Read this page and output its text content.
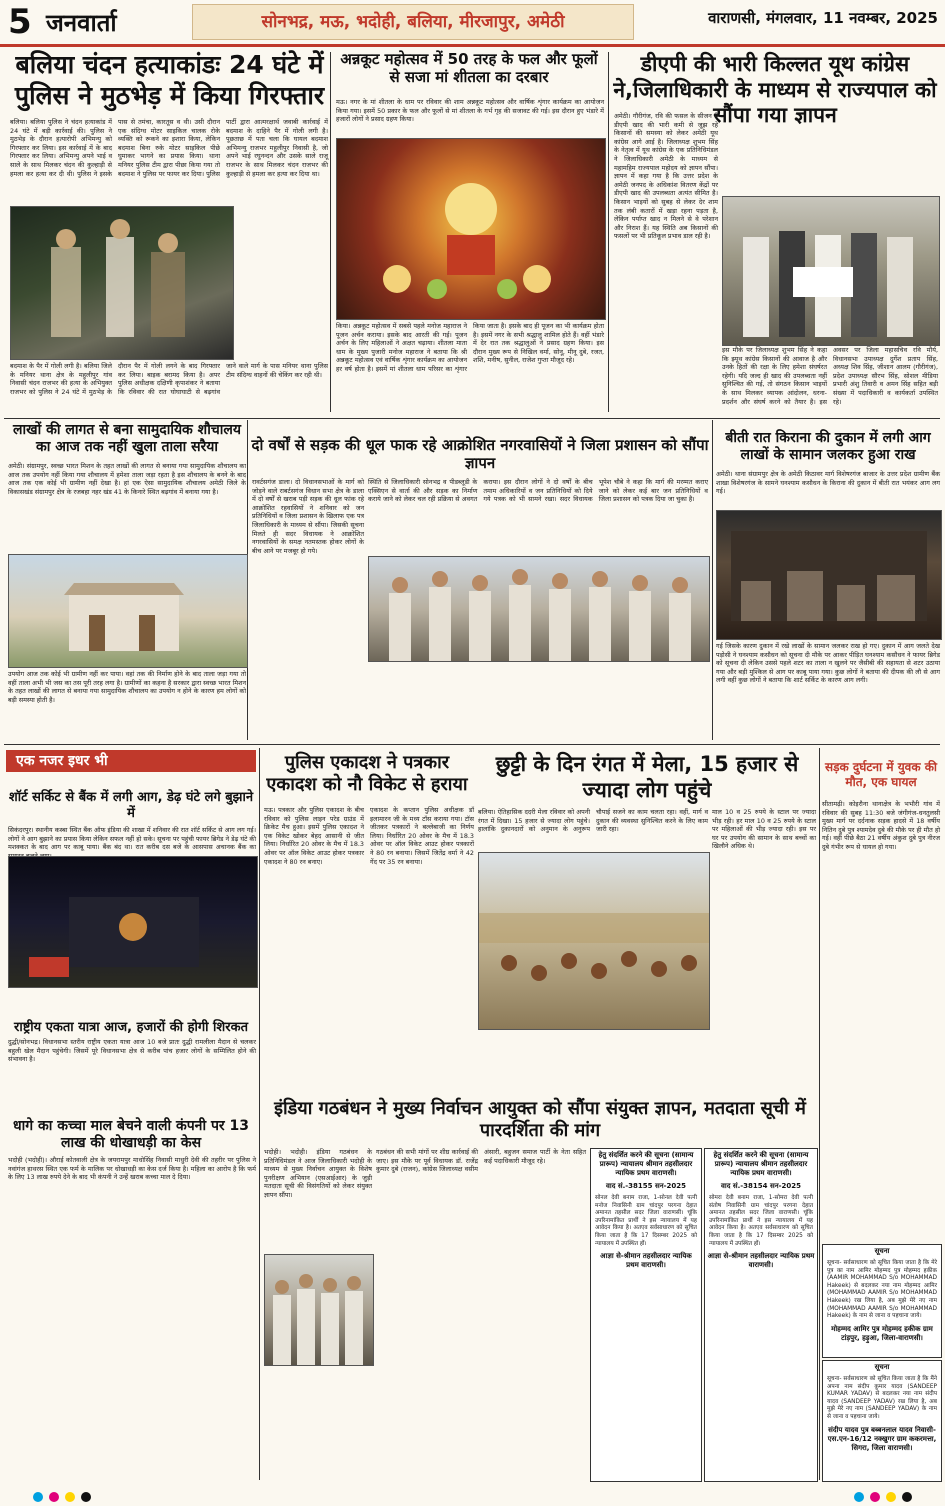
5 जनवार्ता	सोनभद्र, मऊ, भदोही, बलिया, मीरजापुर, अमेठी	वाराणसी, मंगलवार, 11 नवम्बर, 2025
बलिया चंदन हत्याकांडः 24 घंटे में पुलिस ने मुठभेड़ में किया गिरफ्तार
बलिया। बलिया पुलिस ने चंदन हत्याकांड में 24 घंटे में बड़ी कार्रवाई की। पुलिस ने मुठभेड़ के दौरान हत्यारोपी अभिमन्यु को गिरफ्तार कर लिया। इस कार्रवाई में के बाद गिरफ्तार कर लिया। अभिमन्यु अपने भाई व साले के साथ मिलकर चंदन की कुल्हाड़ी से हमला कर हत्या कर दी थी। पुलिस ने इसके पास से तमंचा, कारतूस व थी। उसी दौरान एक संदिग्ध मोटर साइकिल चालक रोके व्यक्ति को रूकने का इशारा किया, लेकिन बदमाश बिना रुके मोटर साइकिल पीछे घुमाकर भागने का प्रयास किया। थाना मनियर पुलिस टीम द्वारा पीछा किया गया तो बदमाश ने पुलिस पर फायर कर दिया। पुलिस पार्टी द्वारा आत्मरक्षार्थ जवाबी कार्रवाई में बदमाश के दाहिने पैर में गोली लगी है। पूछताछ में पता चला कि घायल बदमाश अभिमन्यु राजभर महुलीपुर निवासी है, जो अपने भाई रघुनन्दन और उसके साले राजू राजभर के साथ मिलकर चंदन राजभर की कुल्हाड़ी से हमला कर हत्या कर दिया था।
बदमाश के पैर में गोली लगी है। बलिया जिले के मनियर थाना क्षेत्र के महुलीपुर गांव निवासी चंदन राजभर की हत्या के अभियुक्त राजभर को पुलिस ने 24 घंटे में मुठभेड़ के दौरान पैर में गोली लगने के बाद गिरफ्तार कर लिया। बाइक बरामद किया है। अपर पुलिस अधीक्षक दक्षिणी कृपाशंकर ने बताया कि रविवार की रात घोघाघाटी से बढ़गांव जाने वाले मार्ग के पास मनियर थाना पुलिस टीम संदिग्ध वाहनों की चेकिंग कर रही थी।
अन्नकूट महोत्सव में 50 तरह के फल और फूलों से सजा मां शीतला का दरबार
मऊ। नगर के मां शीतला के धाम पर रविवार की शाम अन्नकूट महोत्सव और वार्षिक शृंगार कार्यक्रम का आयोजन किया गया। इसमें 50 प्रकार के फल और फूलों से मां शीतला के गर्भ गृह की सजावट की गई। इस दौरान हुए भंडारे में हजारों लोगों ने प्रसाद ग्रहण किया।
किया। अन्नकूट महोत्सव में सबसे पहले मनोज महाराज ने पूजन अर्चन कराया। इसके बाद आरती की गई। पूजन अर्चन के लिए महिलाओं ने अक्षत चढ़ाया। शीतला माता धाम के मुख्य पुजारी मनोज महाराज ने बताया कि श्री अन्नकूट महोत्सव एवं वार्षिक शृंगार कार्यक्रम का आयोजन हर वर्ष होता है। इसमें मां शीतला धाम परिसर का शृंगार किया जाता है। इसके बाद ही पूजन का भी कार्यक्रम होता है। इसमें नगर के सभी श्रद्धालु शामिल होते हैं। वहीं भंडारे में देर रात तक श्रद्धालुओं ने प्रसाद ग्रहण किया। इस दौरान मुख्य रूप से निखिल वर्मा, सोनू, मीनू दुबे, रजत, शशि, मनीष, सुनील, राजेश गुप्ता मौजूद रहे।
डीएपी की भारी किल्लत यूथ कांग्रेस ने,जिलाधिकारी के माध्यम से राज्यपाल को सौंपा गया ज्ञापन
अमेठी। गौरीगंज, रवि की फसल के सीजन में डीएपी खाद की भारी कमी से जूझ रहे किसानों की समस्या को लेकर अमेठी यूथ कांग्रेस आगे आई है। जिलाध्यक्ष शुभम सिंह के नेतृत्व में यूथ कांग्रेस के एक प्रतिनिधिमंडल ने जिलाधिकारी अमेठी के माध्यम से महामहिम राज्यपाल महोदय को ज्ञापन सौंपा। ज्ञापन में कहा गया है कि उत्तर प्रदेश के अमेठी जनपद के अधिकांश वितरण केंद्रों पर डीएपी खाद की उपलब्धता अत्यंत सीमित है। किसान भाइयों को सुबह से लेकर देर शाम तक लंबी कतारों में खड़ा रहना पड़ता है, लेकिन पर्याप्त खाद न मिलने से वे परेशान और निराश हैं। यह स्थिति अब किसानों की फसलों पर भी प्रतिकूल प्रभाव डाल रही है।
इस मौके पर जिलाध्यक्ष शुभम सिंह ने कहा कि झ्यूथ कांग्रेस किसानों की आवाज है और उनके हितों की रक्षा के लिए हमेशा संघर्षरत रहेगी। यदि जल्द ही खाद की उपलब्धता नहीं सुनिश्चित की गई, तो संगठन किसान भाइयों के साथ मिलकर व्यापक आंदोलन, धरना-प्रदर्शन और संघर्ष करने को तैयार है। इस अवसर पर जिला महासचिव रवि मौर्य, विधानसभा उपाध्यक्ष दुर्गेश प्रताप सिंह, अध्यक्ष शिव सिंह, जीशान आलम (गौरीगंज), प्रदेश उपाध्यक्ष सौरभ सिंह, सोशल मीडिया प्रभारी अंशु तिवारी व अमन सिंह सहित बड़ी संख्या में पदाधिकारी व कार्यकर्ता उपस्थित रहे।
लाखों की लागत से बना सामुदायिक शौचालय का आज तक नहीं खुला ताला सरैया
अमेठी। संग्रामपुर, स्वच्छ भारत मिशन के तहत लाखों की लागत से बनाया गया सामुदायिक शौचालय का आज तक उपयोग नहीं किया गया शौचालय में हमेशा ताला जड़ा रहता है इस शौचालय के बनने के बाद आज तक एक कोई भी ग्रामीण नहीं देखा है। हां एक ऐसा सामुदायिक शौचालय अमेठी जिले के विकासखंड संग्रामपुर क्षेत्र के रजबहा नहर खंड 41 के किनारे स्थित बढ़गांव में बनाया गया है।
उपयोग आज तक कोई भी ग्रामीण नहीं कर पाया। वहां तक की निर्माण होने के बाद ताला जड़ा गया तो वहीं ताला अभी भी जस का तस पूरी तरह लगा है। ग्रामीणों का कहना है सरकार द्वारा स्वच्छ भारत मिशन के तहत लाखों की लागत से बनाया गया सामुदायिक शौचालय का उपयोग न होने के कारण हम लोगों को बड़ी समस्या होती है।
दो वर्षों से सड़क की धूल फाक रहे आक्रोशित नगरवासियों ने जिला प्रशासन को सौंपा ज्ञापन
रावर्टसगंज डाला। दो विधानसभाओं के मार्ग को जोड़ने वाले राबर्टसगंज विधान सभा क्षेत्र के डाला में दो वर्षों से खराब पड़ी सड़क की धूल फांक रहे आक्रोशित रहवासियों ने शनिवार को जन प्रतिनिधियों व जिला प्रशासन के खिलाफ एक पत्र जिलाधिकारी के माध्यम से सौंपा। जिसकी सूचना मिलते ही सदर विधायक ने आक्रोशित नगरवासियों के समक्ष नतमस्तक होकर लोगों के बीच आने पर मजबूर हो गये।
स्थिति से जिलाधिकारी सोनभद्र व पीडब्लूडी के एक्सिएन से वार्ता की और सड़क का निर्माण कराये जाने को लेकर चल रही प्रक्रिया से अवगत कराया। इस दौरान लोगों ने दो वर्षों के बीच तमाम अधिकारियों व जन प्रतिनिधियों को दिये गये पत्रक को भी सामने रखा। सदर विधायक भूपेश चौबे ने कहा कि मार्ग की मरम्मत कराए जाने को लेकर कई बार जन प्रतिनिधियों व जिला प्रशासन को पत्रक दिया जा चुका है।
बीती रात किराना की दुकान में लगी आग लाखों के सामान जलकर हुआ राख
अमेठी। थाना संग्रामपुर क्षेत्र के अमेठी किठावर मार्ग विशेषरगंज बाजार के उत्तर प्रदेश ग्रामीण बैंक शाखा विशेषरगंज के सामने घनश्याम कसौधन के किराना की दुकान में बीती रात भयंकर आग लग गई।
गई जिसके कारण दुकान में रखे लाखों के सामान जलकर राख हो गए। दुकान में आग जलते देख पड़ोसी ने घनश्याम कसौधन को सूचना दी मौके पर आकर पीड़ित घनश्याम कसौधन ने फायर ब्रिगेड को सूचना दी लेकिन उससे पहले शटर का ताला न खुलने पर जैसीबी की सहायता से शटर उठाया गया और बड़ी मुश्किल से आग पर काबू पाया गया। कुछ लोगों ने बताया की दीपक की लौ से आग लगी वहीं कुछ लोगों ने बताया कि शार्ट सर्किट के कारण आग लगी।
एक नजर इधर भी
शॉर्ट सर्किट से बैंक में लगी आग, डेढ़ घंटे लगे बुझाने में
सिकंदरपुर। स्थानीय कस्बा स्थित बैंक ऑफ इंडिया की शाखा में शनिवार की रात शॉर्ट सर्किट से आग लग गई। लोगों ने आग बुझाने का प्रयास किया लेकिन सफल नहीं हो सके। सूचना पर पहुंची फायर ब्रिगेड ने डेढ़ घंटे की मशक्कत के बाद आग पर काबू पाया। बैंक बंद था। रात करीब दस बजे के आसपास अचानक बैंक का
राष्ट्रीय एकता यात्रा आज, हजारों की होगी शिरकत
दुद्धी/सोनभद्र। विधानसभा स्तरीय राष्ट्रीय एकता यात्रा आज 10 बजे प्रातः दुद्धी रामलीला मैदान से चलकर बहुली खेल मैदान पहुंचेगी। जिसमें पूरे विधानसभा क्षेत्र से करीब पांच हजार लोगों के सम्मिलित होने की संभावना है।
धागे का कच्चा माल बेचने वाली कंपनी पर 13 लाख की धोखाधड़ी का केस
भदोही (भदोही)। औराई कोतवाली क्षेत्र के जयरामपुर माधोसिंह निवासी माधुरी देवी की तहरीर पर पुलिस ने नवांगंज हाथरस स्थित एक फर्म के मालिक पर धोखाधड़ी का केस दर्ज किया है। महिला का आरोप है कि फर्म के लिए 13 लाख रुपये देने के बाद भी कंपनी ने उन्हें खराब कच्चा माल दे दिया।
पुलिस एकादश ने पत्रकार एकादश को नौ विकेट से हराया
मऊ। पत्रकार और पुलिस एकादश के बीच रविवार को पुलिस लाइन परेड ग्राउंड में क्रिकेट मैच हुआ। इसमें पुलिस एकादश ने एक विकेट खोकर बेहद आसानी से जीत लिया। निर्धारित 20 ओवर के मैच में 18.3 ओवर पर ऑल विकेट आउट होकर पत्रकार एकादश ने 80 रन बनाए।
एकादश के कप्तान पुलिस अधीक्षक डॉ इलामारन जी के मध्य टॉस कराया गया। टॉस जीतकर पत्रकारों ने बल्लेबाजी का निर्णय लिया। निर्धारित 20 ओवर के मैच में 18.3 ओवर पर ऑल विकेट आउट होकर पत्रकारों ने 80 रन बनाया। जिसमें जितेंद्र वर्मा ने 42 गेंद पर 35 रन बनाया।
छुट्टी के दिन रंगत में मेला, 15 हजार से ज्यादा लोग पहुंचे
बलिया। ऐतिहासिक ददरी मेला रविवार को अपनी रंगत में दिखा। 15 हजार से ज्यादा लोग पहुंचे। हालांकि दुकानदारों को अनुमान के अनुरूप चौपाई सजने का काम चलता रहा। वहीं, मार्ग व दुकान की व्यवस्था सुनिश्चित करने के लिए काम जारी रहा।
माल 10 व 25 रुपये के स्टाल पर ज्यादा भीड़ रही। हर माल 10 व 25 रुपये के स्टाल पर महिलाओं की भीड़ ज्यादा रही। इस पर घर पर उपयोग की सामान के साथ बच्चों का खिलौने अधिक थे।
सड़क दुर्घटना में युवक की मौत, एक घायल
सीतामढ़ी। कोइरौना थानाक्षेत्र के भभौरी गांव में रविवार की सुबह 11:30 बजे जंगीगंज-धनतुलसी मुख्य मार्ग पर दर्दनाक सड़क हादसे में 18 वर्षीय नितिन दुबे पुत्र श्यामदेव दुबे की मौके पर ही मौत हो गई। वहीं पीछे बैठा 21 वर्षीय अंकुश दुबे पुत्र नीरज दुबे गंभीर रूप से घायल हो गया।
इंडिया गठबंधन ने मुख्य निर्वाचन आयुक्त को सौंपा संयुक्त ज्ञापन, मतदाता सूची में पारदर्शिता की मांग
भदोही। भदोही। इंडिया गठबंधन के प्रतिनिधिमंडल ने आज जिलाधिकारी भदोही के माध्यम से मुख्य निर्वाचन आयुक्त के विशेष पुनरीक्षण अभियान (एसआईआर) के जुड़ी मतदाता सूची की विसंगतियों को लेकर संयुक्त ज्ञापन सौंपा।
गठबंधन की सभी मांगों पर शीघ्र कार्रवाई की जाए। इस मौके पर पूर्व विधायक डॉ. राजेंद्र कुमार दुबे (राजन), कांग्रेस जिलाध्यक्ष वसीम अंसारी, बहुजन समाज पार्टी के नेता सहित कई पदाधिकारी मौजूद रहे।
हेतु संदर्शित करने की सूचना (सामान्य प्रारूप) न्यायालय श्रीमान तहसीलदार न्यायिक प्रथम वाराणसी।
वाद सं.-38155 सन-2025
सोनल देवी बनाम राजा, 1-सोनल देवी पत्नी मनोज निवासिनी ग्राम चांदपुर परगना देहात अमानत तहसील सदर जिला वाराणसी। चूंकि उपरिनामांकित प्रार्थी ने इस न्यायालय में यह आवेदन किया है। अतएव सर्वसाधारण को सूचित किया जाता है कि 17 दिसम्बर 2025 को न्यायालय में उपस्थित हों।
आज्ञा से-श्रीमान तहसीलदार न्यायिक प्रथम वाराणसी।
हेतु संदर्शित करने की सूचना (सामान्य प्रारूप) न्यायालय श्रीमान तहसीलदार न्यायिक प्रथम वाराणसी।
वाद सं.-38154 सन-2025
सोमरा देवी बनाम राजा, 1-सोमरा देवी पत्नी संतोष निवासिनी ग्राम चांदपुर परगना देहात अमानत तहसील सदर जिला वाराणसी। चूंकि उपरिनामांकित प्रार्थी ने इस न्यायालय में यह आवेदन किया है। अतएव सर्वसाधारण को सूचित किया जाता है कि 17 दिसम्बर 2025 को न्यायालय में उपस्थित हों।
आज्ञा से-श्रीमान तहसीलदार न्यायिक प्रथम वाराणसी।
सूचना
सूचना- सर्वसाधारण को सूचित किया जाता है कि मेरे पुत्र का नाम आमिर मोहम्मद पुत्र मोहम्मद हकीक (AAMIR MOHAMMAD S/o MOHAMMAD Hakeek) से बदलकर नया नाम मोहम्मद आमिर (MOHAMMAD AAMIR S/o MOHAMMAD Hakeek) रख लिया है, अब मुझे मेरे नए नाम (MOHAMMAD AAMIR S/o MOHAMMAD Hakeek) के नाम से जाना व पहचाना जाये।
मोहम्मद आमिर पुत्र मोहम्मद हकीक ग्राम टांड़पुर, हड़ुआ, जिला-वाराणसी।
सूचना
सूचना- सर्वसाधारण को सूचित किया जाता है कि मैंने अपना नाम संदीप कुमार यादव (SANDEEP KUMAR YADAV) से बदलकर नया नाम संदीप यादव (SANDEEP YADAV) रख लिया है, अब मुझे मेरे नए नाम (SANDEEP YADAV) के नाम से जाना व पहचाना जाये।
संदीप यादव पुत्र बब्बनलाल यादव निवासी-एस.एन-16/12 नक्खुगर ग्राम ककरमत्ता, सिगरा, जिला वाराणसी।
